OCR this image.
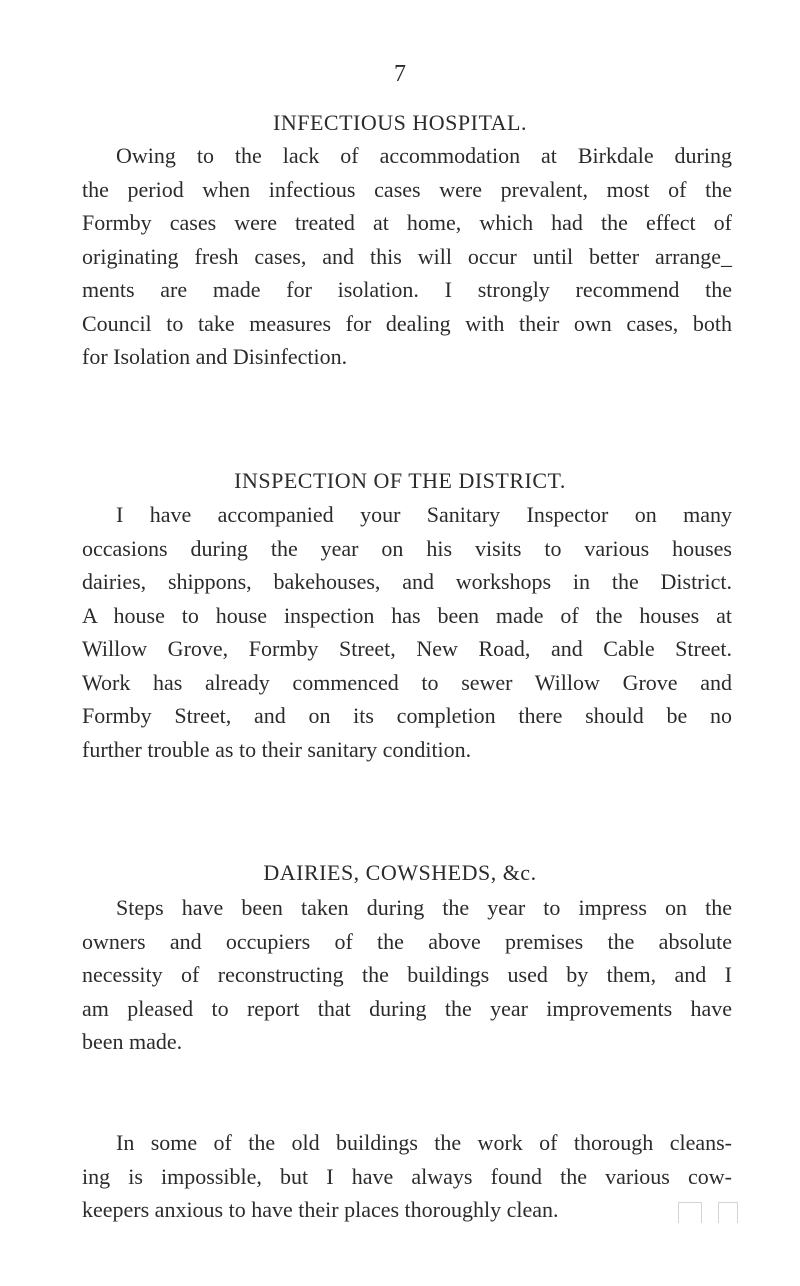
7
INFECTIOUS HOSPITAL.
Owing to the lack of accommodation at Birkdale during
the period when infectious cases were prevalent, most of the
Formby cases were treated at home, which had the effect of
originating fresh cases, and this will occur until better arrange_
ments are made for isolation. I strongly recommend the
Council to take measures for dealing with their own cases, both
for Isolation and Disinfection.
INSPECTION OF THE DISTRICT.
I have accompanied your Sanitary Inspector on many
occasions during the year on his visits to various houses
dairies, shippons, bakehouses, and workshops in the District.
A house to house inspection has been made of the houses at
Willow Grove, Formby Street, New Road, and Cable Street.
Work has already commenced to sewer Willow Grove and
Formby Street, and on its completion there should be no
further trouble as to their sanitary condition.
DAIRIES, COWSHEDS, &c.
Steps have been taken during the year to impress on the
owners and occupiers of the above premises the absolute
necessity of reconstructing the buildings used by them, and I
am pleased to report that during the year improvements have
been made.
In some of the old buildings the work of thorough cleans-
ing is impossible, but I have always found the various cow-
keepers anxious to have their places thoroughly clean.
